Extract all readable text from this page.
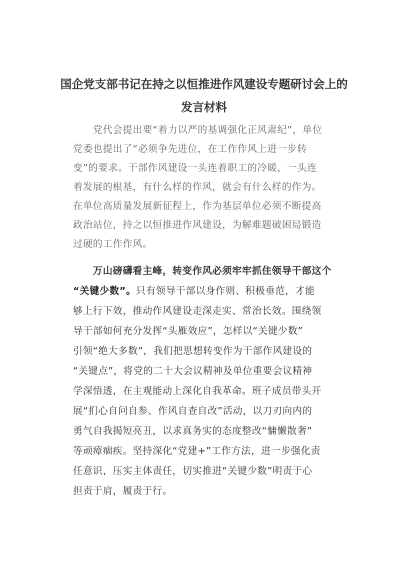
国企党支部书记在持之以恒推进作风建设专题研讨会上的
发言材料
　　党代会提出要“着力以严的基调强化正风肃纪”，单位
党委也提出了“必须争先进位，在工作作风上进一步转
变”的要求。干部作风建设一头连着职工的冷暖，一头连
着发展的根基，有什么样的作风，就会有什么样的作为。
在单位高质量发展新征程上，作为基层单位必须不断提高
政治站位，持之以恒推进作风建设，为解难题破困局锻造
过硬的工作作风。
　　万山磅礴看主峰，转变作风必须牢牢抓住领导干部这个
“关键少数”。只有领导干部以身作则、积极垂范，才能
够上行下效，推动作风建设走深走实、常治长效。围绕领
导干部如何充分发挥“头雁效应”，怎样以“关键少数”
引领“绝大多数”，我们把思想转变作为干部作风建设的
“关键点”，将党的二十大会议精神及单位重要会议精神
学深悟透，在主观能动上深化自我革命。班子成员带头开
展“扪心自问自参、作风自查自改”活动，以刀刃向内的
勇气自我揭短亮丑，以求真务实的态度整改“慵懒散奢”
等顽瘴痼疾。坚持深化“党建+”工作方法，进一步强化责
任意识，压实主体责任，切实推进“关键少数”明责于心
担责于肩，履责于行。
